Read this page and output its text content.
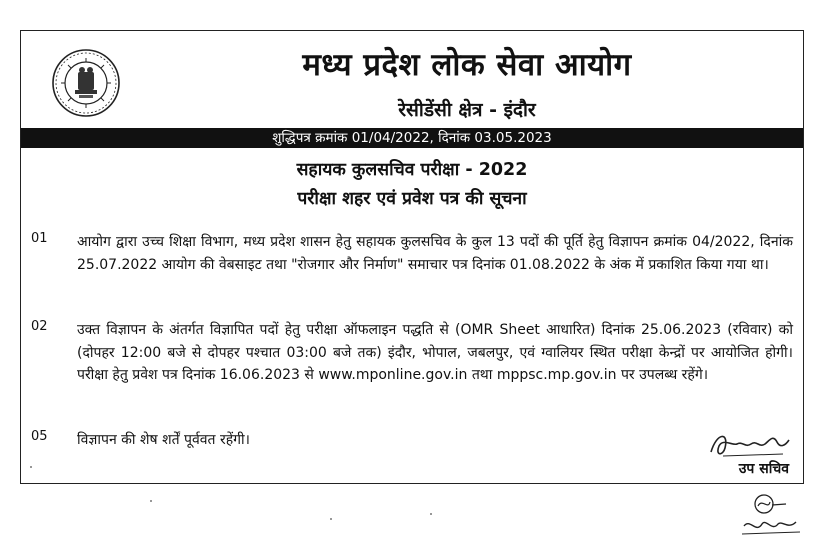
मध्य प्रदेश लोक सेवा आयोग
रेसीडेंसी क्षेत्र - इंदौर
शुद्धिपत्र क्रमांक 01/04/2022, दिनांक 03.05.2023
सहायक कुलसचिव परीक्षा - 2022
परीक्षा शहर एवं प्रवेश पत्र की सूचना
01	आयोग द्वारा उच्च शिक्षा विभाग, मध्य प्रदेश शासन हेतु सहायक कुलसचिव के कुल 13 पदों की पूर्ति हेतु विज्ञापन क्रमांक 04/2022, दिनांक 25.07.2022 आयोग की वेबसाइट तथा "रोजगार और निर्माण" समाचार पत्र दिनांक 01.08.2022 के अंक में प्रकाशित किया गया था।
02	उक्त विज्ञापन के अंतर्गत विज्ञापित पदों हेतु परीक्षा ऑफलाइन पद्धति से (OMR Sheet आधारित) दिनांक 25.06.2023 (रविवार) को (दोपहर 12:00 बजे से दोपहर पश्चात 03:00 बजे तक) इंदौर, भोपाल, जबलपुर, एवं ग्वालियर स्थित परीक्षा केन्द्रों पर आयोजित होगी। परीक्षा हेतु प्रवेश पत्र दिनांक 16.06.2023 से www.mponline.gov.in तथा mppsc.mp.gov.in पर उपलब्ध रहेंगे।
05	विज्ञापन की शेष शर्तें पूर्ववत रहेंगी।
उप सचिव
